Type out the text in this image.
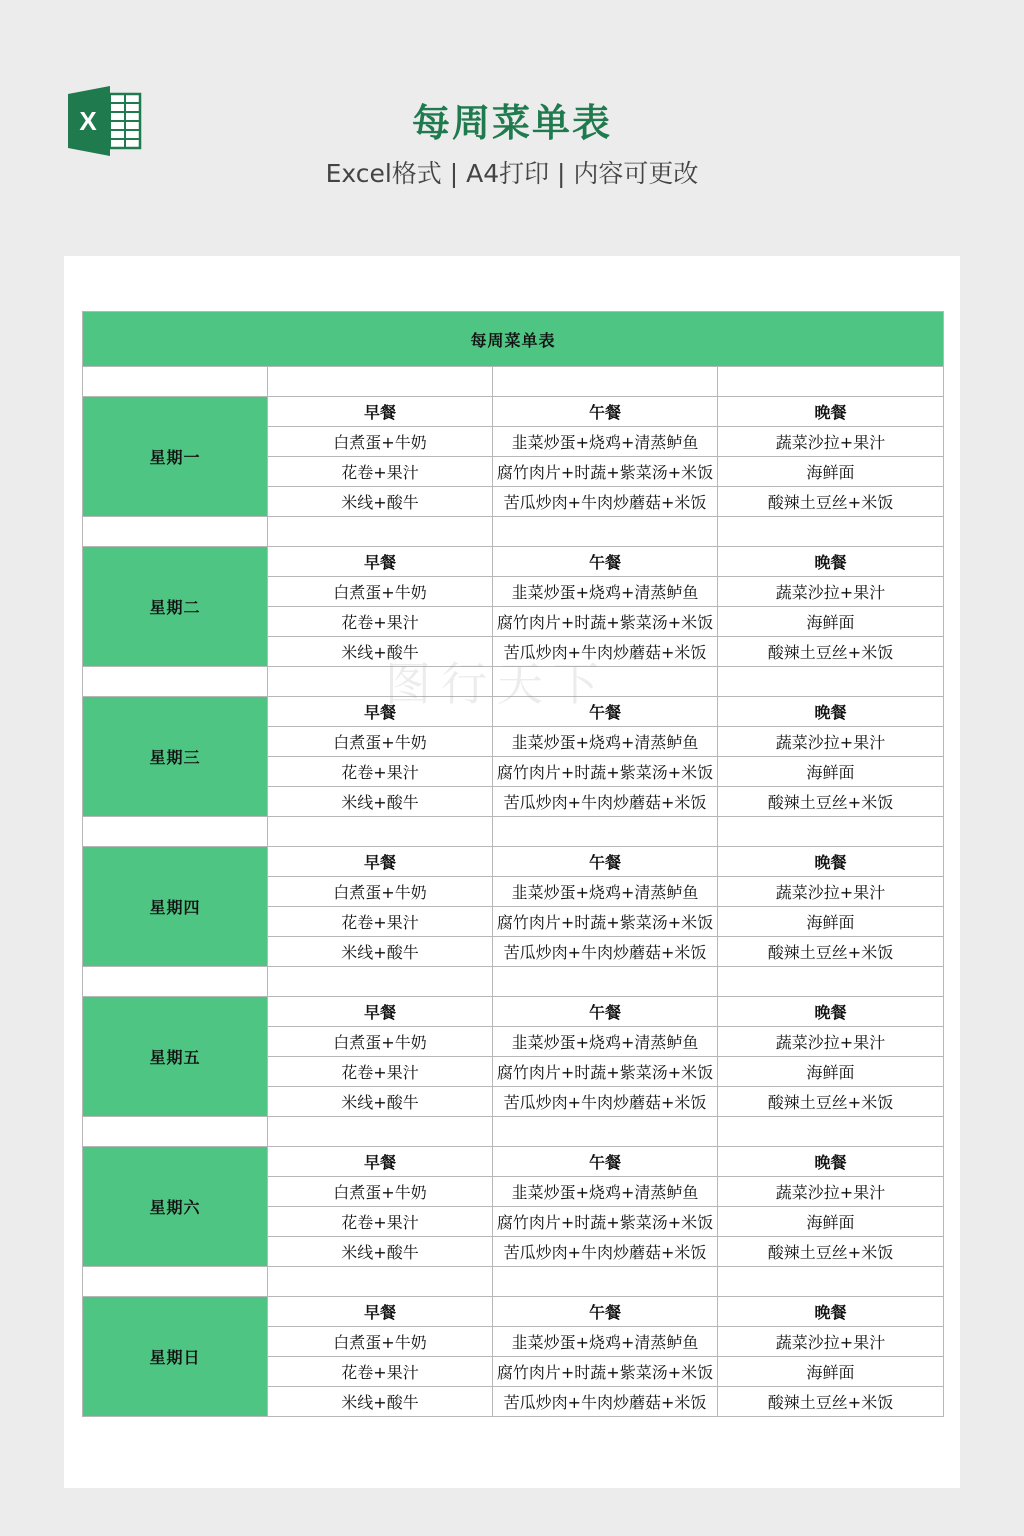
X	每周菜单表
Excel格式 | A4打印 | 内容可更改
每周菜单表			

星期一	早餐	午餐	晚餐
	白煮蛋+牛奶	韭菜炒蛋+烧鸡+清蒸鲈鱼	蔬菜沙拉+果汁
	花卷+果汁	腐竹肉片+时蔬+紫菜汤+米饭	海鲜面
	米线+酸牛	苦瓜炒肉+牛肉炒蘑菇+米饭	酸辣土豆丝+米饭

星期二	早餐	午餐	晚餐
	白煮蛋+牛奶	韭菜炒蛋+烧鸡+清蒸鲈鱼	蔬菜沙拉+果汁
	花卷+果汁	腐竹肉片+时蔬+紫菜汤+米饭	海鲜面
	米线+酸牛	苦瓜炒肉+牛肉炒蘑菇+米饭	酸辣土豆丝+米饭

星期三	早餐	午餐	晚餐
	白煮蛋+牛奶	韭菜炒蛋+烧鸡+清蒸鲈鱼	蔬菜沙拉+果汁
	花卷+果汁	腐竹肉片+时蔬+紫菜汤+米饭	海鲜面
	米线+酸牛	苦瓜炒肉+牛肉炒蘑菇+米饭	酸辣土豆丝+米饭

星期四	早餐	午餐	晚餐
	白煮蛋+牛奶	韭菜炒蛋+烧鸡+清蒸鲈鱼	蔬菜沙拉+果汁
	花卷+果汁	腐竹肉片+时蔬+紫菜汤+米饭	海鲜面
	米线+酸牛	苦瓜炒肉+牛肉炒蘑菇+米饭	酸辣土豆丝+米饭

星期五	早餐	午餐	晚餐
	白煮蛋+牛奶	韭菜炒蛋+烧鸡+清蒸鲈鱼	蔬菜沙拉+果汁
	花卷+果汁	腐竹肉片+时蔬+紫菜汤+米饭	海鲜面
	米线+酸牛	苦瓜炒肉+牛肉炒蘑菇+米饭	酸辣土豆丝+米饭

星期六	早餐	午餐	晚餐
	白煮蛋+牛奶	韭菜炒蛋+烧鸡+清蒸鲈鱼	蔬菜沙拉+果汁
	花卷+果汁	腐竹肉片+时蔬+紫菜汤+米饭	海鲜面
	米线+酸牛	苦瓜炒肉+牛肉炒蘑菇+米饭	酸辣土豆丝+米饭

星期日	早餐	午餐	晚餐
	白煮蛋+牛奶	韭菜炒蛋+烧鸡+清蒸鲈鱼	蔬菜沙拉+果汁
	花卷+果汁	腐竹肉片+时蔬+紫菜汤+米饭	海鲜面
	米线+酸牛	苦瓜炒肉+牛肉炒蘑菇+米饭	酸辣土豆丝+米饭
